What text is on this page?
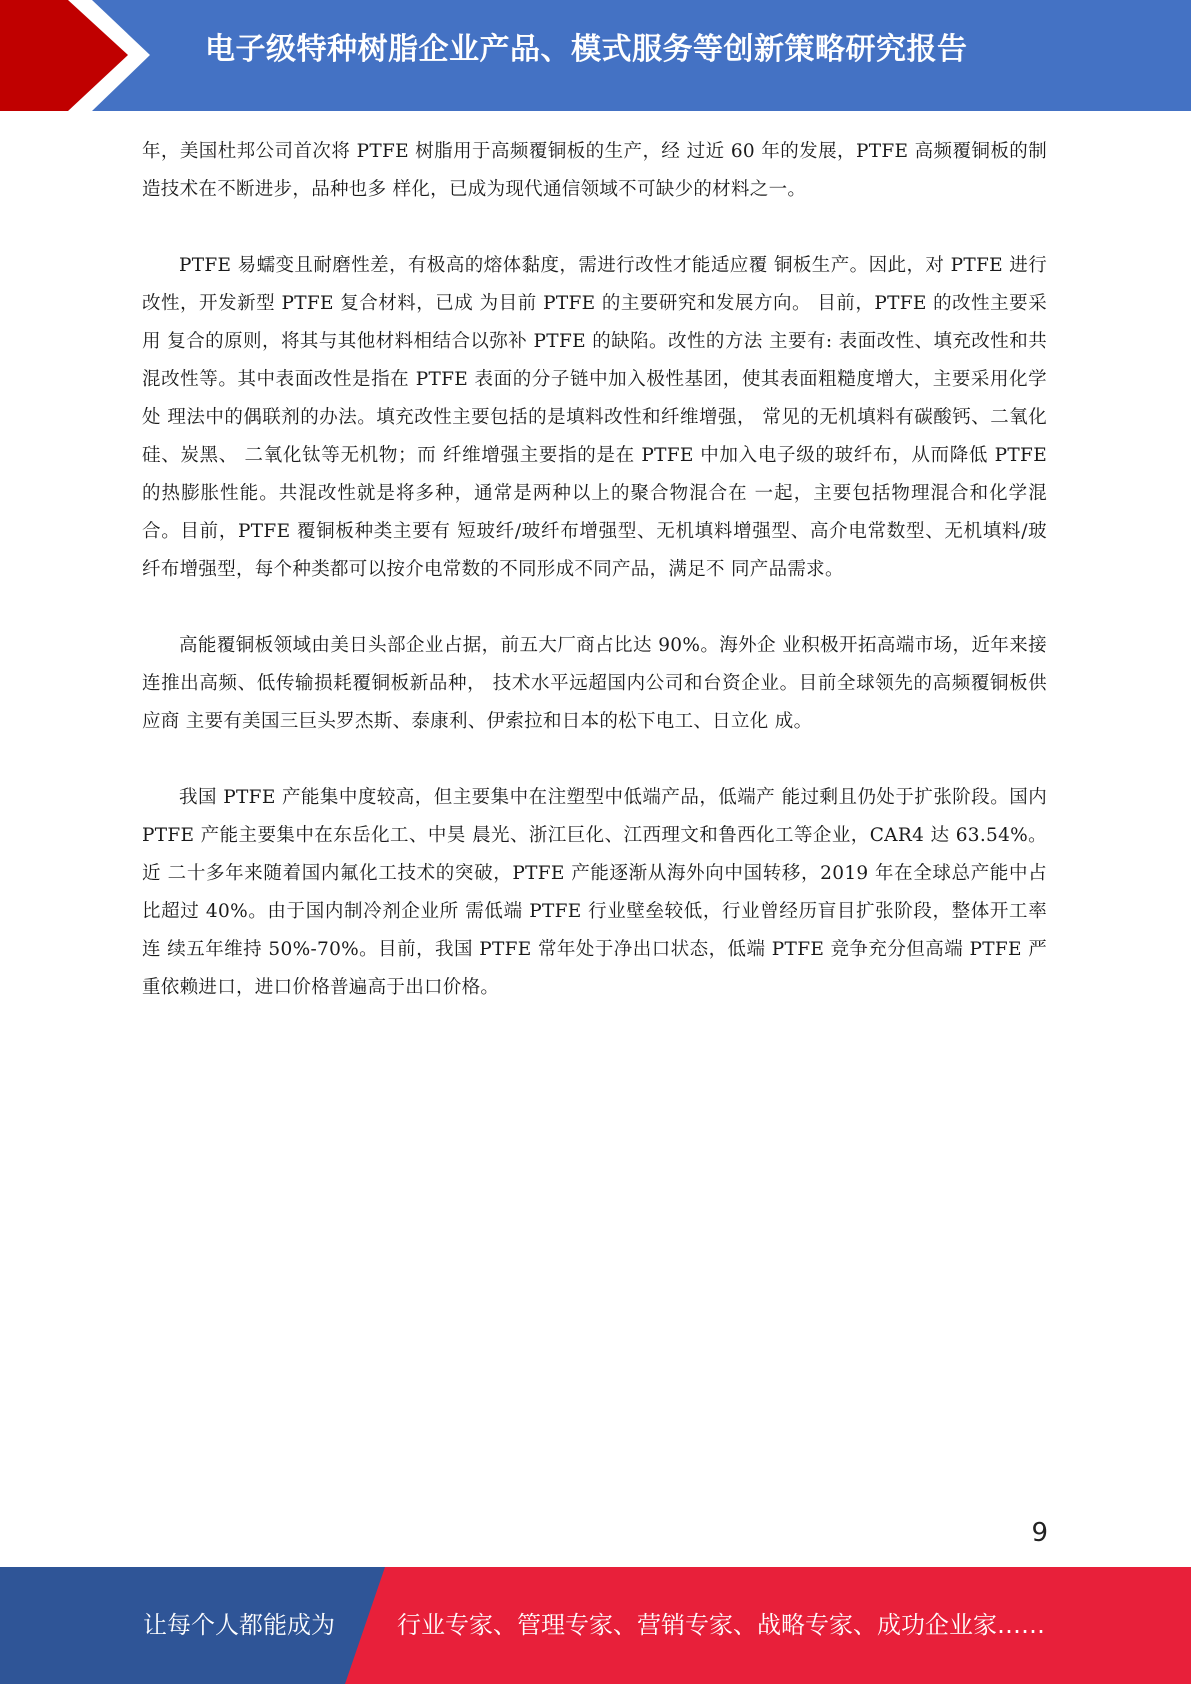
电子级特种树脂企业产品、模式服务等创新策略研究报告

年，美国杜邦公司首次将 PTFE 树脂用于高频覆铜板的生产，经 过近 60 年的发展，PTFE 高频覆铜板的制造技术在不断进步，品种也多 样化，已成为现代通信领域不可缺少的材料之一。

PTFE 易蠕变且耐磨性差，有极高的熔体黏度，需进行改性才能适应覆 铜板生产。因此，对 PTFE 进行改性，开发新型 PTFE 复合材料，已成 为目前 PTFE 的主要研究和发展方向。 目前，PTFE 的改性主要采用 复合的原则，将其与其他材料相结合以弥补 PTFE 的缺陷。改性的方法 主要有: 表面改性、填充改性和共混改性等。其中表面改性是指在 PTFE 表面的分子链中加入极性基团，使其表面粗糙度增大，主要采用化学处 理法中的偶联剂的办法。填充改性主要包括的是填料改性和纤维增强， 常见的无机填料有碳酸钙、二氧化硅、炭黑、 二氧化钛等无机物；而 纤维增强主要指的是在 PTFE 中加入电子级的玻纤布，从而降低 PTFE 的热膨胀性能。共混改性就是将多种，通常是两种以上的聚合物混合在 一起，主要包括物理混合和化学混合。目前，PTFE 覆铜板种类主要有 短玻纤/玻纤布增强型、无机填料增强型、高介电常数型、无机填料/玻 纤布增强型，每个种类都可以按介电常数的不同形成不同产品，满足不 同产品需求。

高能覆铜板领域由美日头部企业占据，前五大厂商占比达 90%。海外企 业积极开拓高端市场，近年来接连推出高频、低传输损耗覆铜板新品种， 技术水平远超国内公司和台资企业。目前全球领先的高频覆铜板供应商 主要有美国三巨头罗杰斯、泰康利、伊索拉和日本的松下电工、日立化 成。

我国 PTFE 产能集中度较高，但主要集中在注塑型中低端产品，低端产 能过剩且仍处于扩张阶段。国内 PTFE 产能主要集中在东岳化工、中昊 晨光、浙江巨化、江西理文和鲁西化工等企业，CAR4 达 63.54%。近 二十多年来随着国内氟化工技术的突破，PTFE 产能逐渐从海外向中国转移，2019 年在全球总产能中占比超过 40%。由于国内制冷剂企业所 需低端 PTFE 行业壁垒较低，行业曾经历盲目扩张阶段，整体开工率连 续五年维持 50%-70%。目前，我国 PTFE 常年处于净出口状态，低端 PTFE 竞争充分但高端 PTFE 严重依赖进口，进口价格普遍高于出口价格。

9
让每个人都能成为	行业专家、管理专家、营销专家、战略专家、成功企业家……
